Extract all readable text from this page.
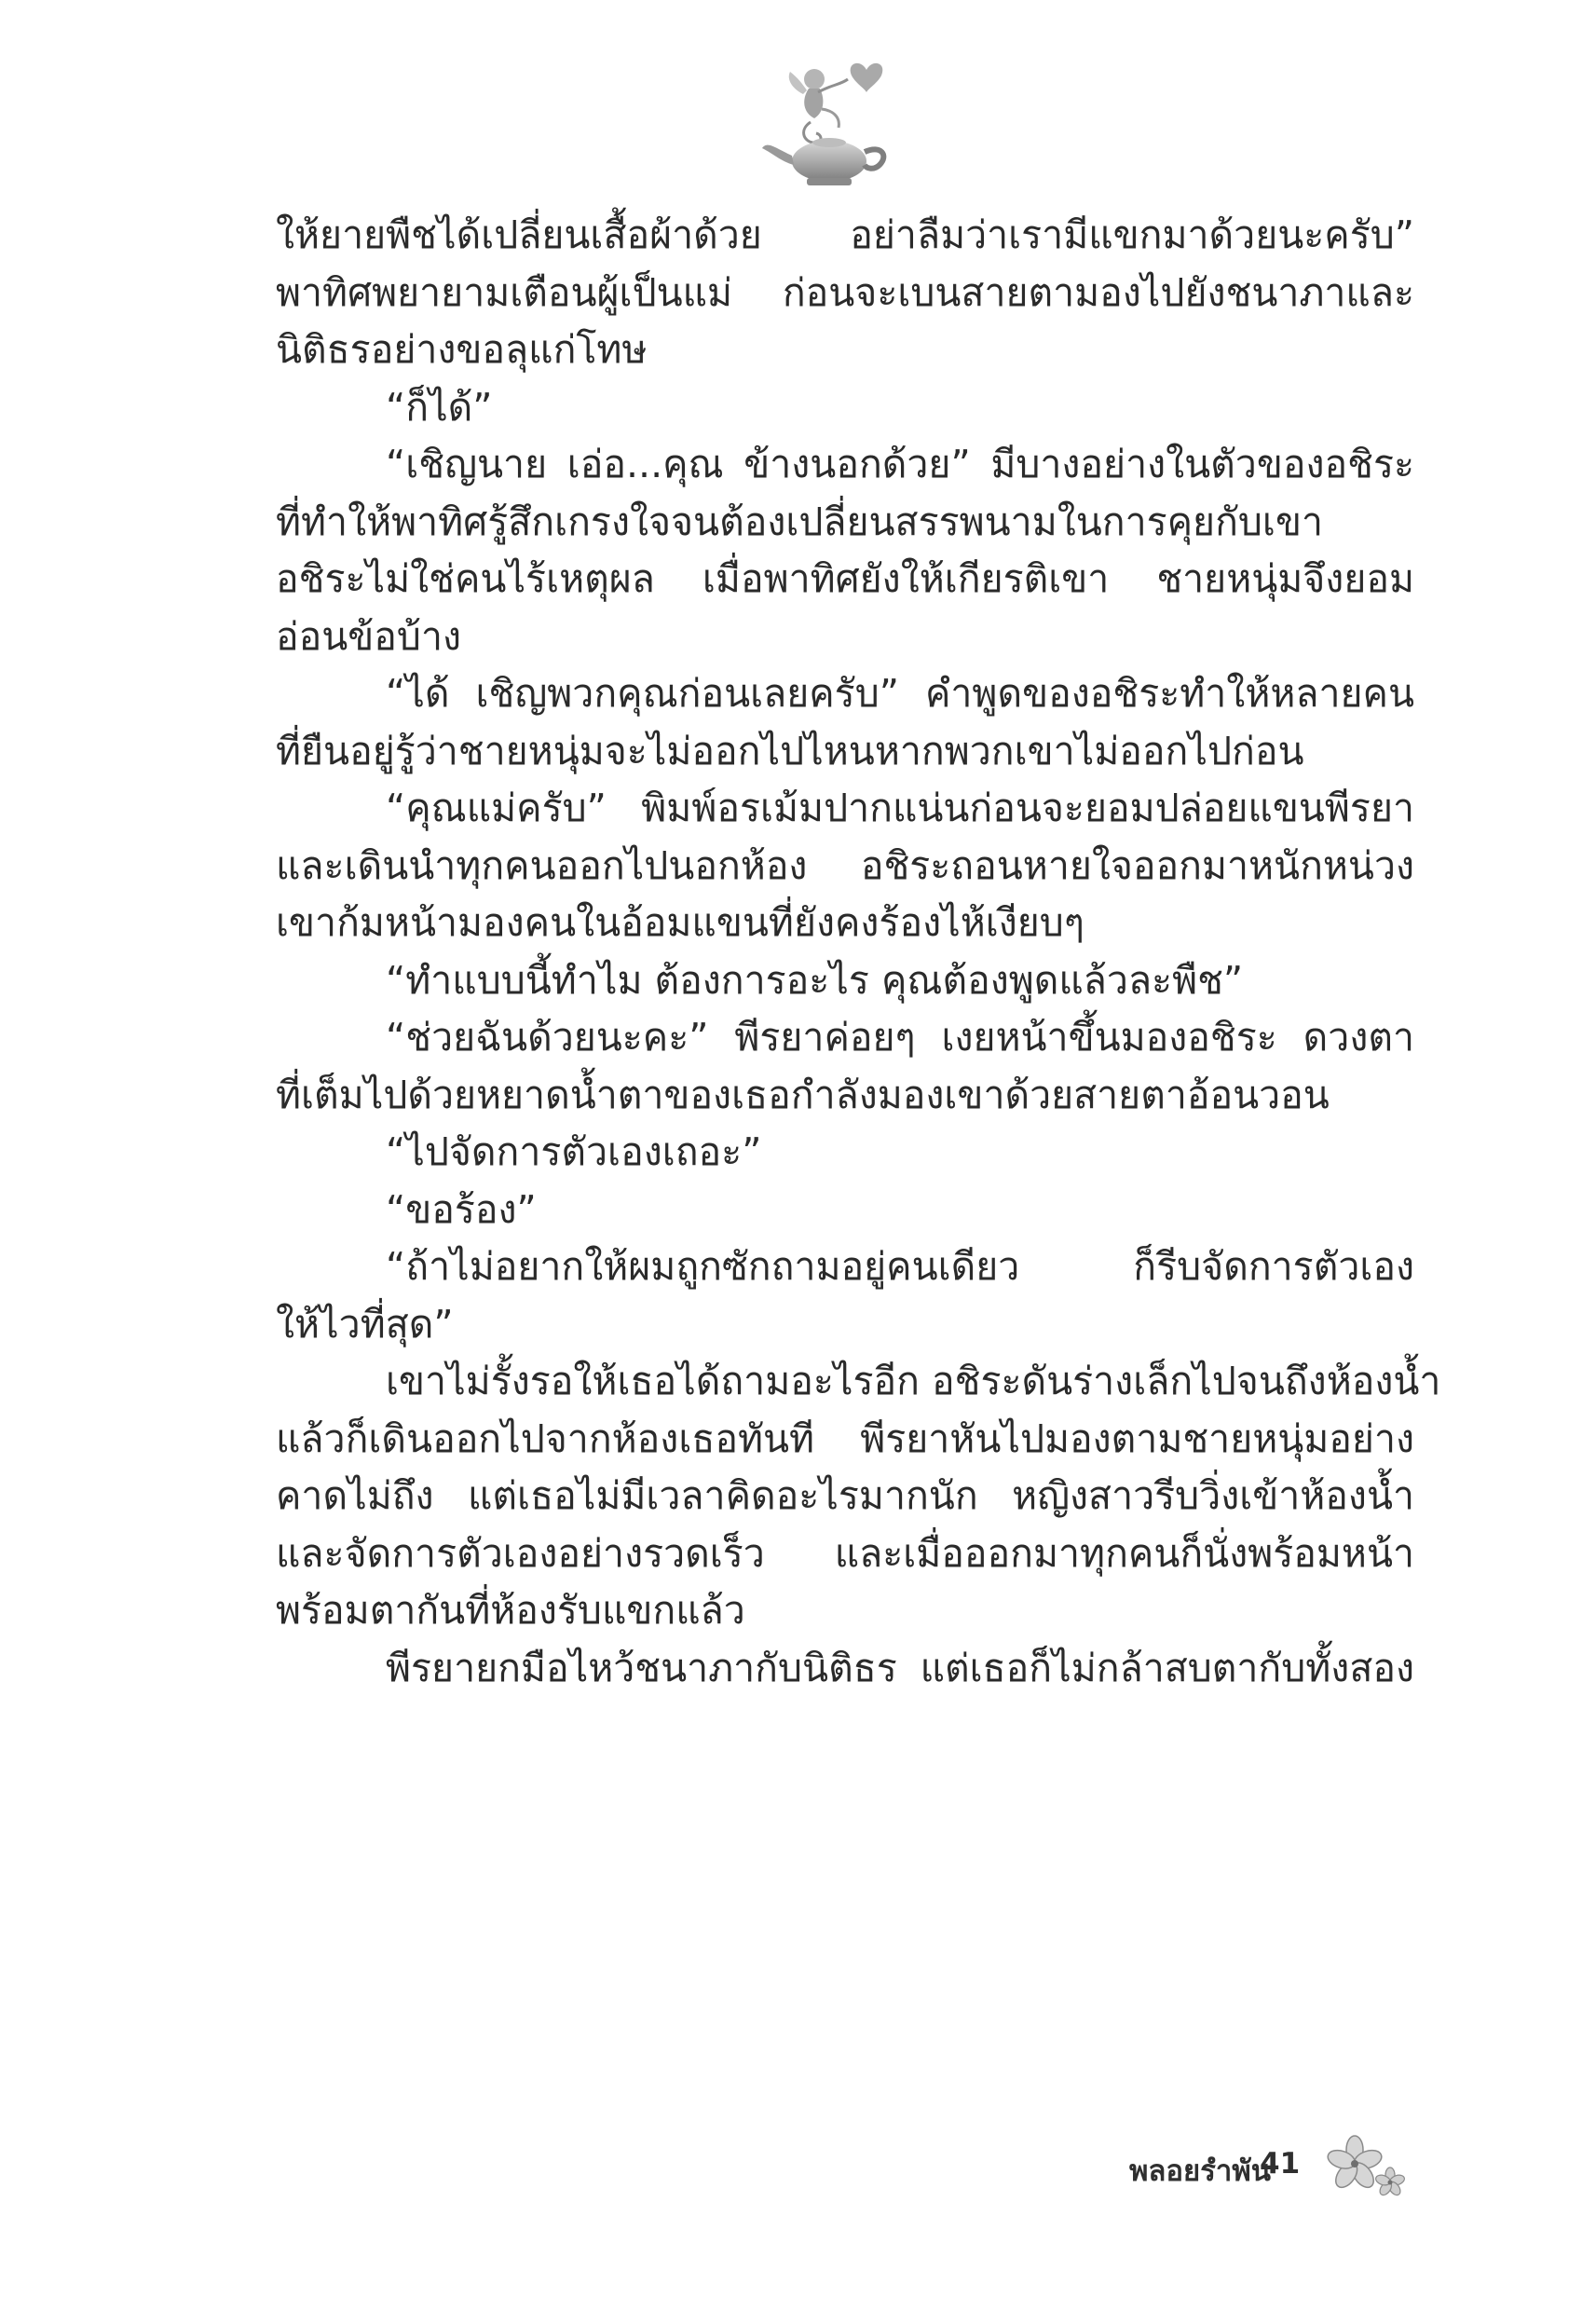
ให้ยายพืชได้เปลี่ยนเสื้อผ้าด้วย อย่าลืมว่าเรามีแขกมาด้วยนะครับ”
พาทิศพยายามเตือนผู้เป็นแม่ ก่อนจะเบนสายตามองไปยังชนาภาและ
นิติธรอย่างขอลุแก่โทษ
“ก็ได้”
“เชิญนาย เอ่อ...คุณ ข้างนอกด้วย” มีบางอย่างในตัวของอชิระ
ที่ทำให้พาทิศรู้สึกเกรงใจจนต้องเปลี่ยนสรรพนามในการคุยกับเขา
อชิระไม่ใช่คนไร้เหตุผล เมื่อพาทิศยังให้เกียรติเขา ชายหนุ่มจึงยอม
อ่อนข้อบ้าง
“ได้ เชิญพวกคุณก่อนเลยครับ” คำพูดของอชิระทำให้หลายคน
ที่ยืนอยู่รู้ว่าชายหนุ่มจะไม่ออกไปไหนหากพวกเขาไม่ออกไปก่อน
“คุณแม่ครับ” พิมพ์อรเม้มปากแน่นก่อนจะยอมปล่อยแขนพีรยา
และเดินนำทุกคนออกไปนอกห้อง อชิระถอนหายใจออกมาหนักหน่วง
เขาก้มหน้ามองคนในอ้อมแขนที่ยังคงร้องไห้เงียบๆ
“ทำแบบนี้ทำไม ต้องการอะไร คุณต้องพูดแล้วละพืช”
“ช่วยฉันด้วยนะคะ” พีรยาค่อยๆ เงยหน้าขึ้นมองอชิระ ดวงตา
ที่เต็มไปด้วยหยาดน้ำตาของเธอกำลังมองเขาด้วยสายตาอ้อนวอน
“ไปจัดการตัวเองเถอะ”
“ขอร้อง”
“ถ้าไม่อยากให้ผมถูกซักถามอยู่คนเดียว ก็รีบจัดการตัวเอง
ให้ไวที่สุด”
เขาไม่รั้งรอให้เธอได้ถามอะไรอีก อชิระดันร่างเล็กไปจนถึงห้องน้ำ
แล้วก็เดินออกไปจากห้องเธอทันที พีรยาหันไปมองตามชายหนุ่มอย่าง
คาดไม่ถึง แต่เธอไม่มีเวลาคิดอะไรมากนัก หญิงสาวรีบวิ่งเข้าห้องน้ำ
และจัดการตัวเองอย่างรวดเร็ว และเมื่อออกมาทุกคนก็นั่งพร้อมหน้า
พร้อมตากันที่ห้องรับแขกแล้ว
พีรยายกมือไหว้ชนาภากับนิติธร แต่เธอก็ไม่กล้าสบตากับทั้งสอง
พลอยรำพัน
41
